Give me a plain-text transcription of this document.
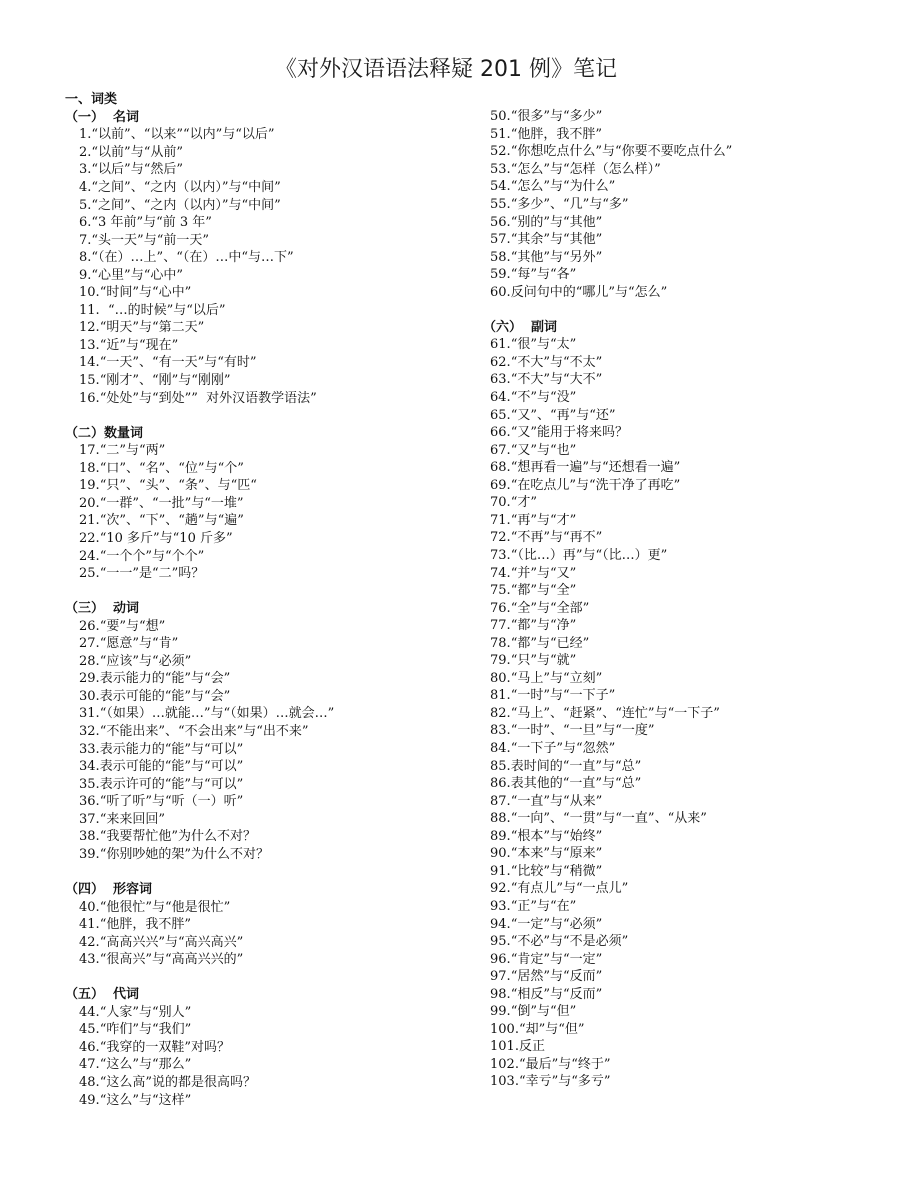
《对外汉语语法释疑 201 例》笔记
一、词类
（一）  名词
1.“以前”、“以来”“以内”与“以后”
2.“以前”与“从前”
3.“以后”与“然后”
4.“之间”、“之内（以内）”与“中间”
5.“之间”、“之内（以内）”与“中间”
6.“3 年前”与“前 3 年”
7.“头一天”与“前一天”
8.“（在）…上”、“（在）…中“与…下”
9.“心里”与“心中”
10.“时间”与“心中”
11.  “…的时候”与“以后”
12.“明天”与“第二天”
13.“近”与“现在”
14.“一天”、“有一天”与“有时”
15.“刚才”、“刚”与“刚刚”
16.“处处”与“到处””  对外汉语教学语法”
（二）数量词
17.“二”与“两”
18.“口”、“名”、“位”与“个”
19.“只”、“头”、“条”、与“匹“
20.“一群”、“一批”与“一堆”
21.“次”、“下”、“趟”与“遍”
22.“10 多斤”与“10 斤多”
24.“一个个”与“个个”
25.“一一”是“二”吗？
（三）  动词
26.“要”与“想”
27.“愿意”与“肯”
28.“应该”与“必须”
29.表示能力的“能”与“会”
30.表示可能的“能”与“会”
31.“（如果）…就能…”与“（如果）…就会…”
32.“不能出来”、“不会出来”与“出不来”
33.表示能力的“能”与“可以”
34.表示可能的“能”与“可以”
35.表示许可的“能”与“可以”
36.“听了听”与“听（一）听”
37.“来来回回”
38.“我要帮忙他”为什么不对？
39.“你别吵她的架”为什么不对？
（四）  形容词
40.“他很忙”与“他是很忙”
41.“他胖，我不胖”
42.“高高兴兴”与“高兴高兴”
43.“很高兴”与“高高兴兴的”
（五）  代词
44.“人家”与“别人”
45.“咋们”与“我们”
46.“我穿的一双鞋”对吗？
47.“这么”与“那么”
48.“这么高”说的都是很高吗？
49.“这么”与“这样”
50.“很多”与“多少”
51.“他胖，我不胖”
52.“你想吃点什么”与“你要不要吃点什么”
53.“怎么”与“怎样（怎么样）”
54.“怎么”与“为什么”
55.“多少”、“几”与“多”
56.“别的”与“其他”
57.“其余”与“其他”
58.“其他”与“另外”
59.“每”与“各”
60.反问句中的“哪儿”与“怎么”
（六）  副词
61.“很”与“太”
62.“不大”与“不太”
63.“不大”与“大不”
64.“不”与“没”
65.“又”、“再”与“还”
66.“又”能用于将来吗？
67.“又”与“也”
68.“想再看一遍”与“还想看一遍”
69.“在吃点儿”与“洗干净了再吃”
70.“才”
71.“再”与“才”
72.“不再”与“再不”
73.“（比…）再”与“（比…）更”
74.“并”与“又”
75.“都”与“全”
76.“全”与“全部”
77.“都”与“净”
78.“都”与“已经”
79.“只”与“就”
80.“马上”与“立刻”
81.“一时”与“一下子”
82.“马上”、“赶紧”、“连忙”与“一下子”
83.“一时”、“一旦”与“一度”
84.“一下子”与“忽然”
85.表时间的“一直”与“总”
86.表其他的“一直”与“总”
87.“一直”与“从来”
88.“一向”、“一贯”与“一直”、“从来”
89.“根本”与“始终”
90.“本来”与“原来”
91.“比较”与“稍微”
92.“有点儿”与“一点儿”
93.“正”与“在”
94.“一定”与“必须”
95.“不必”与“不是必须”
96.“肯定”与“一定”
97.“居然”与“反而”
98.“相反”与“反而”
99.“倒”与“但”
100.“却”与“但”
101.反正
102.“最后”与“终于”
103.“幸亏”与“多亏”
